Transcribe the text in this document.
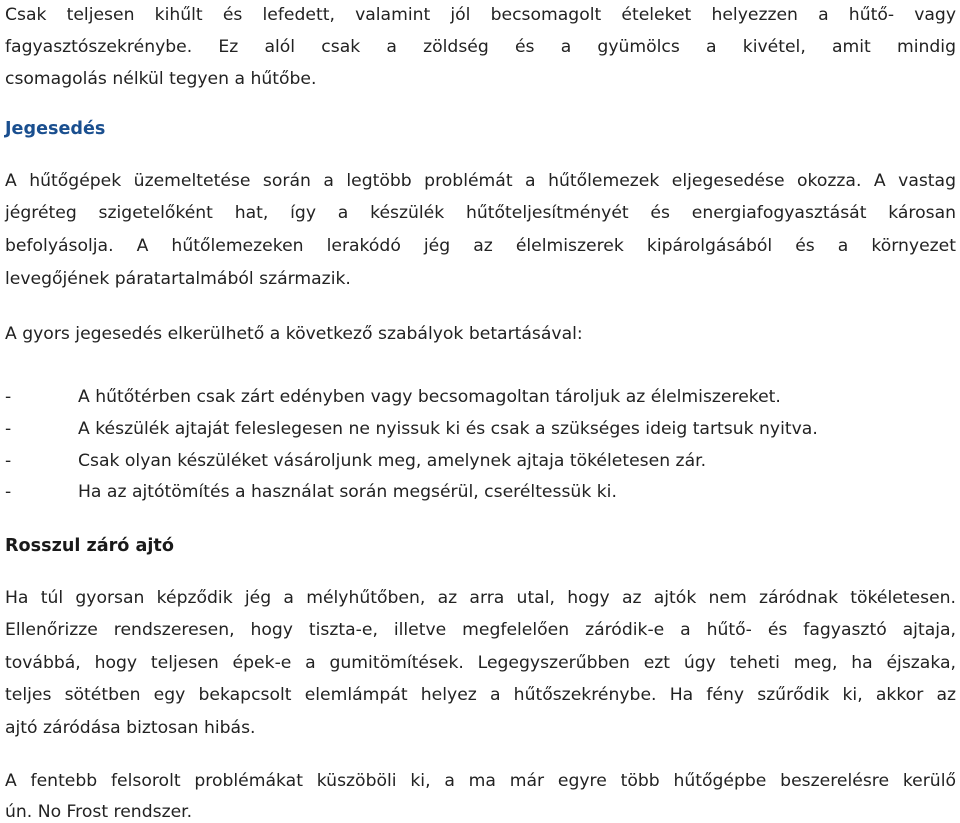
Csak teljesen kihűlt és lefedett, valamint jól becsomagolt ételeket helyezzen a hűtő- vagy
fagyasztószekrénybe. Ez alól csak a zöldség és a gyümölcs a kivétel, amit mindig
csomagolás nélkül tegyen a hűtőbe.
Jegesedés
A hűtőgépek üzemeltetése során a legtöbb problémát a hűtőlemezek eljegesedése okozza. A vastag
jégréteg szigetelőként hat, így a készülék hűtőteljesítményét és energiafogyasztását károsan
befolyásolja. A hűtőlemezeken lerakódó jég az élelmiszerek kipárolgásából és a környezet
levegőjének páratartalmából származik.
A gyors jegesedés elkerülhető a következő szabályok betartásával:
-	A hűtőtérben csak zárt edényben vagy becsomagoltan tároljuk az élelmiszereket.
-	A készülék ajtaját feleslegesen ne nyissuk ki és csak a szükséges ideig tartsuk nyitva.
-	Csak olyan készüléket vásároljunk meg, amelynek ajtaja tökéletesen zár.
-	Ha az ajtótömítés a használat során megsérül, cseréltessük ki.
Rosszul záró ajtó
Ha túl gyorsan képződik jég a mélyhűtőben, az arra utal, hogy az ajtók nem záródnak tökéletesen.
Ellenőrizze rendszeresen, hogy tiszta-e, illetve megfelelően záródik-e a hűtő- és fagyasztó ajtaja,
továbbá, hogy teljesen épek-e a gumitömítések. Legegyszerűbben ezt úgy teheti meg, ha éjszaka,
teljes sötétben egy bekapcsolt elemlámpát helyez a hűtőszekrénybe. Ha fény szűrődik ki, akkor az
ajtó záródása biztosan hibás.
A fentebb felsorolt problémákat küszöböli ki, a ma már egyre több hűtőgépbe beszerelésre kerülő
ún. No Frost rendszer.
